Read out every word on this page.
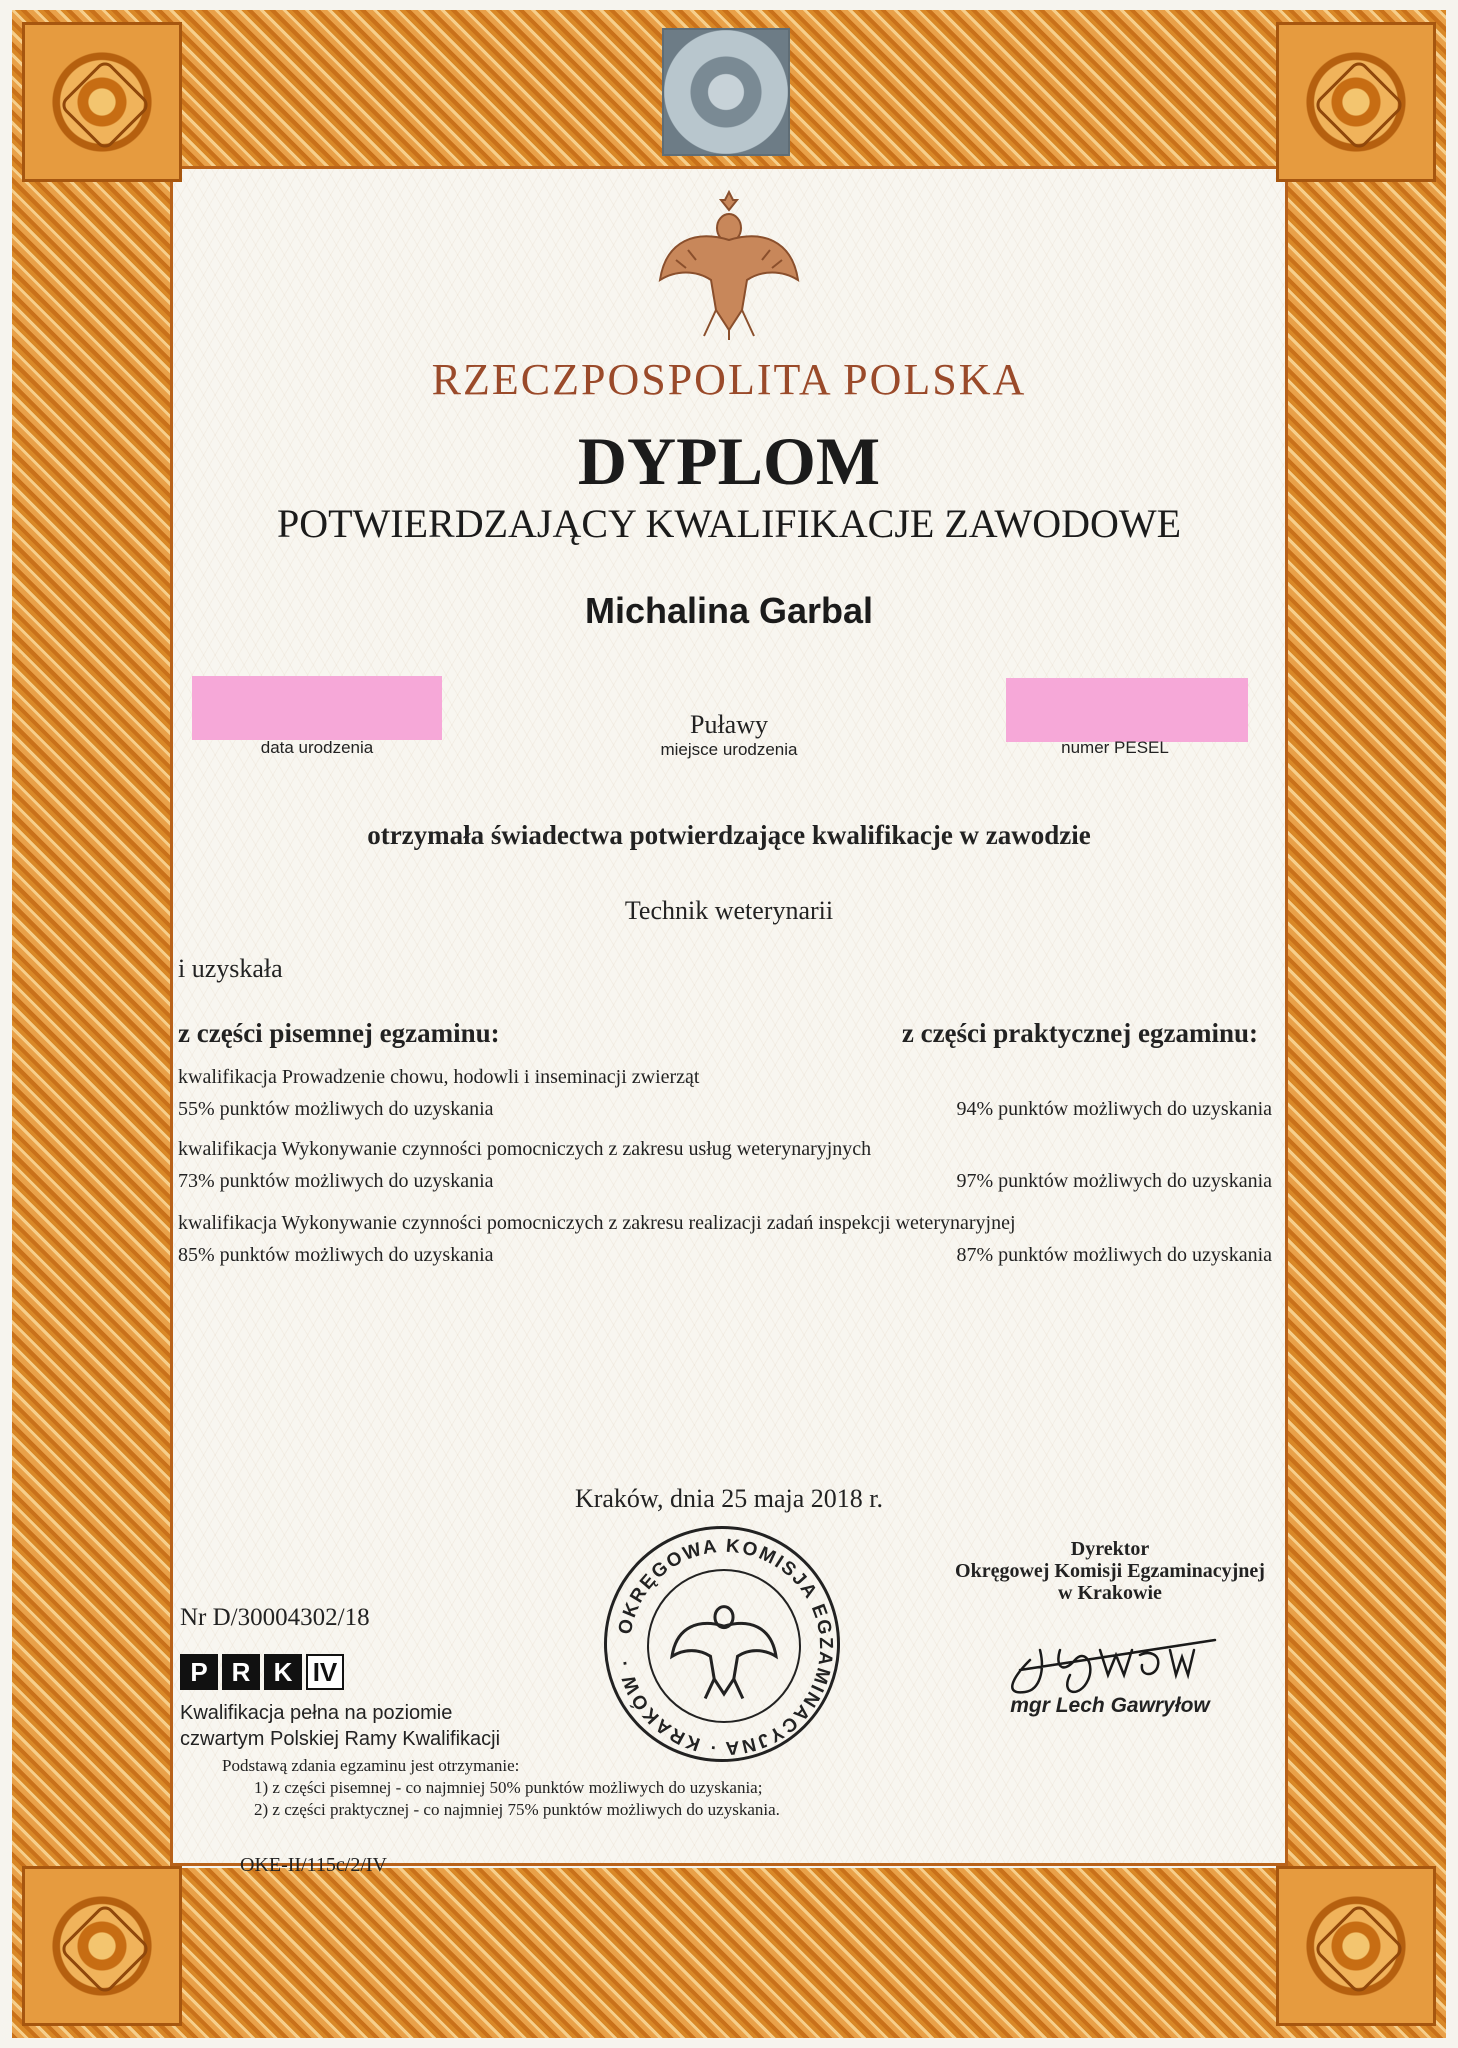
RZECZPOSPOLITA POLSKA
DYPLOM
POTWIERDZAJĄCY KWALIFIKACJE ZAWODOWE
Michalina Garbal
Puławy
data urodzenia	miejsce urodzenia	numer PESEL
otrzymała świadectwa potwierdzające kwalifikacje w zawodzie
Technik weterynarii
i uzyskała
z części pisemnej egzaminu:	z części praktycznej egzaminu:
kwalifikacja Prowadzenie chowu, hodowli i inseminacji zwierząt
55% punktów możliwych do uzyskania	94% punktów możliwych do uzyskania
kwalifikacja Wykonywanie czynności pomocniczych z zakresu usług weterynaryjnych
73% punktów możliwych do uzyskania	97% punktów możliwych do uzyskania
kwalifikacja Wykonywanie czynności pomocniczych z zakresu realizacji zadań inspekcji weterynaryjnej
85% punktów możliwych do uzyskania	87% punktów możliwych do uzyskania
Kraków, dnia 25 maja 2018 r.
OKRĘGOWA KOMISJA EGZAMINACYJNA · KRAKÓW ·
Nr D/30004302/18
P R K IV
Kwalifikacja pełna na poziomie
czwartym Polskiej Ramy Kwalifikacji
Podstawą zdania egzaminu jest otrzymanie:
1) z części pisemnej - co najmniej 50% punktów możliwych do uzyskania;
2) z części praktycznej - co najmniej 75% punktów możliwych do uzyskania.
OKE-II/115c/2/IV
Dyrektor
Okręgowej Komisji Egzaminacyjnej
w Krakowie
mgr Lech Gawryłow
